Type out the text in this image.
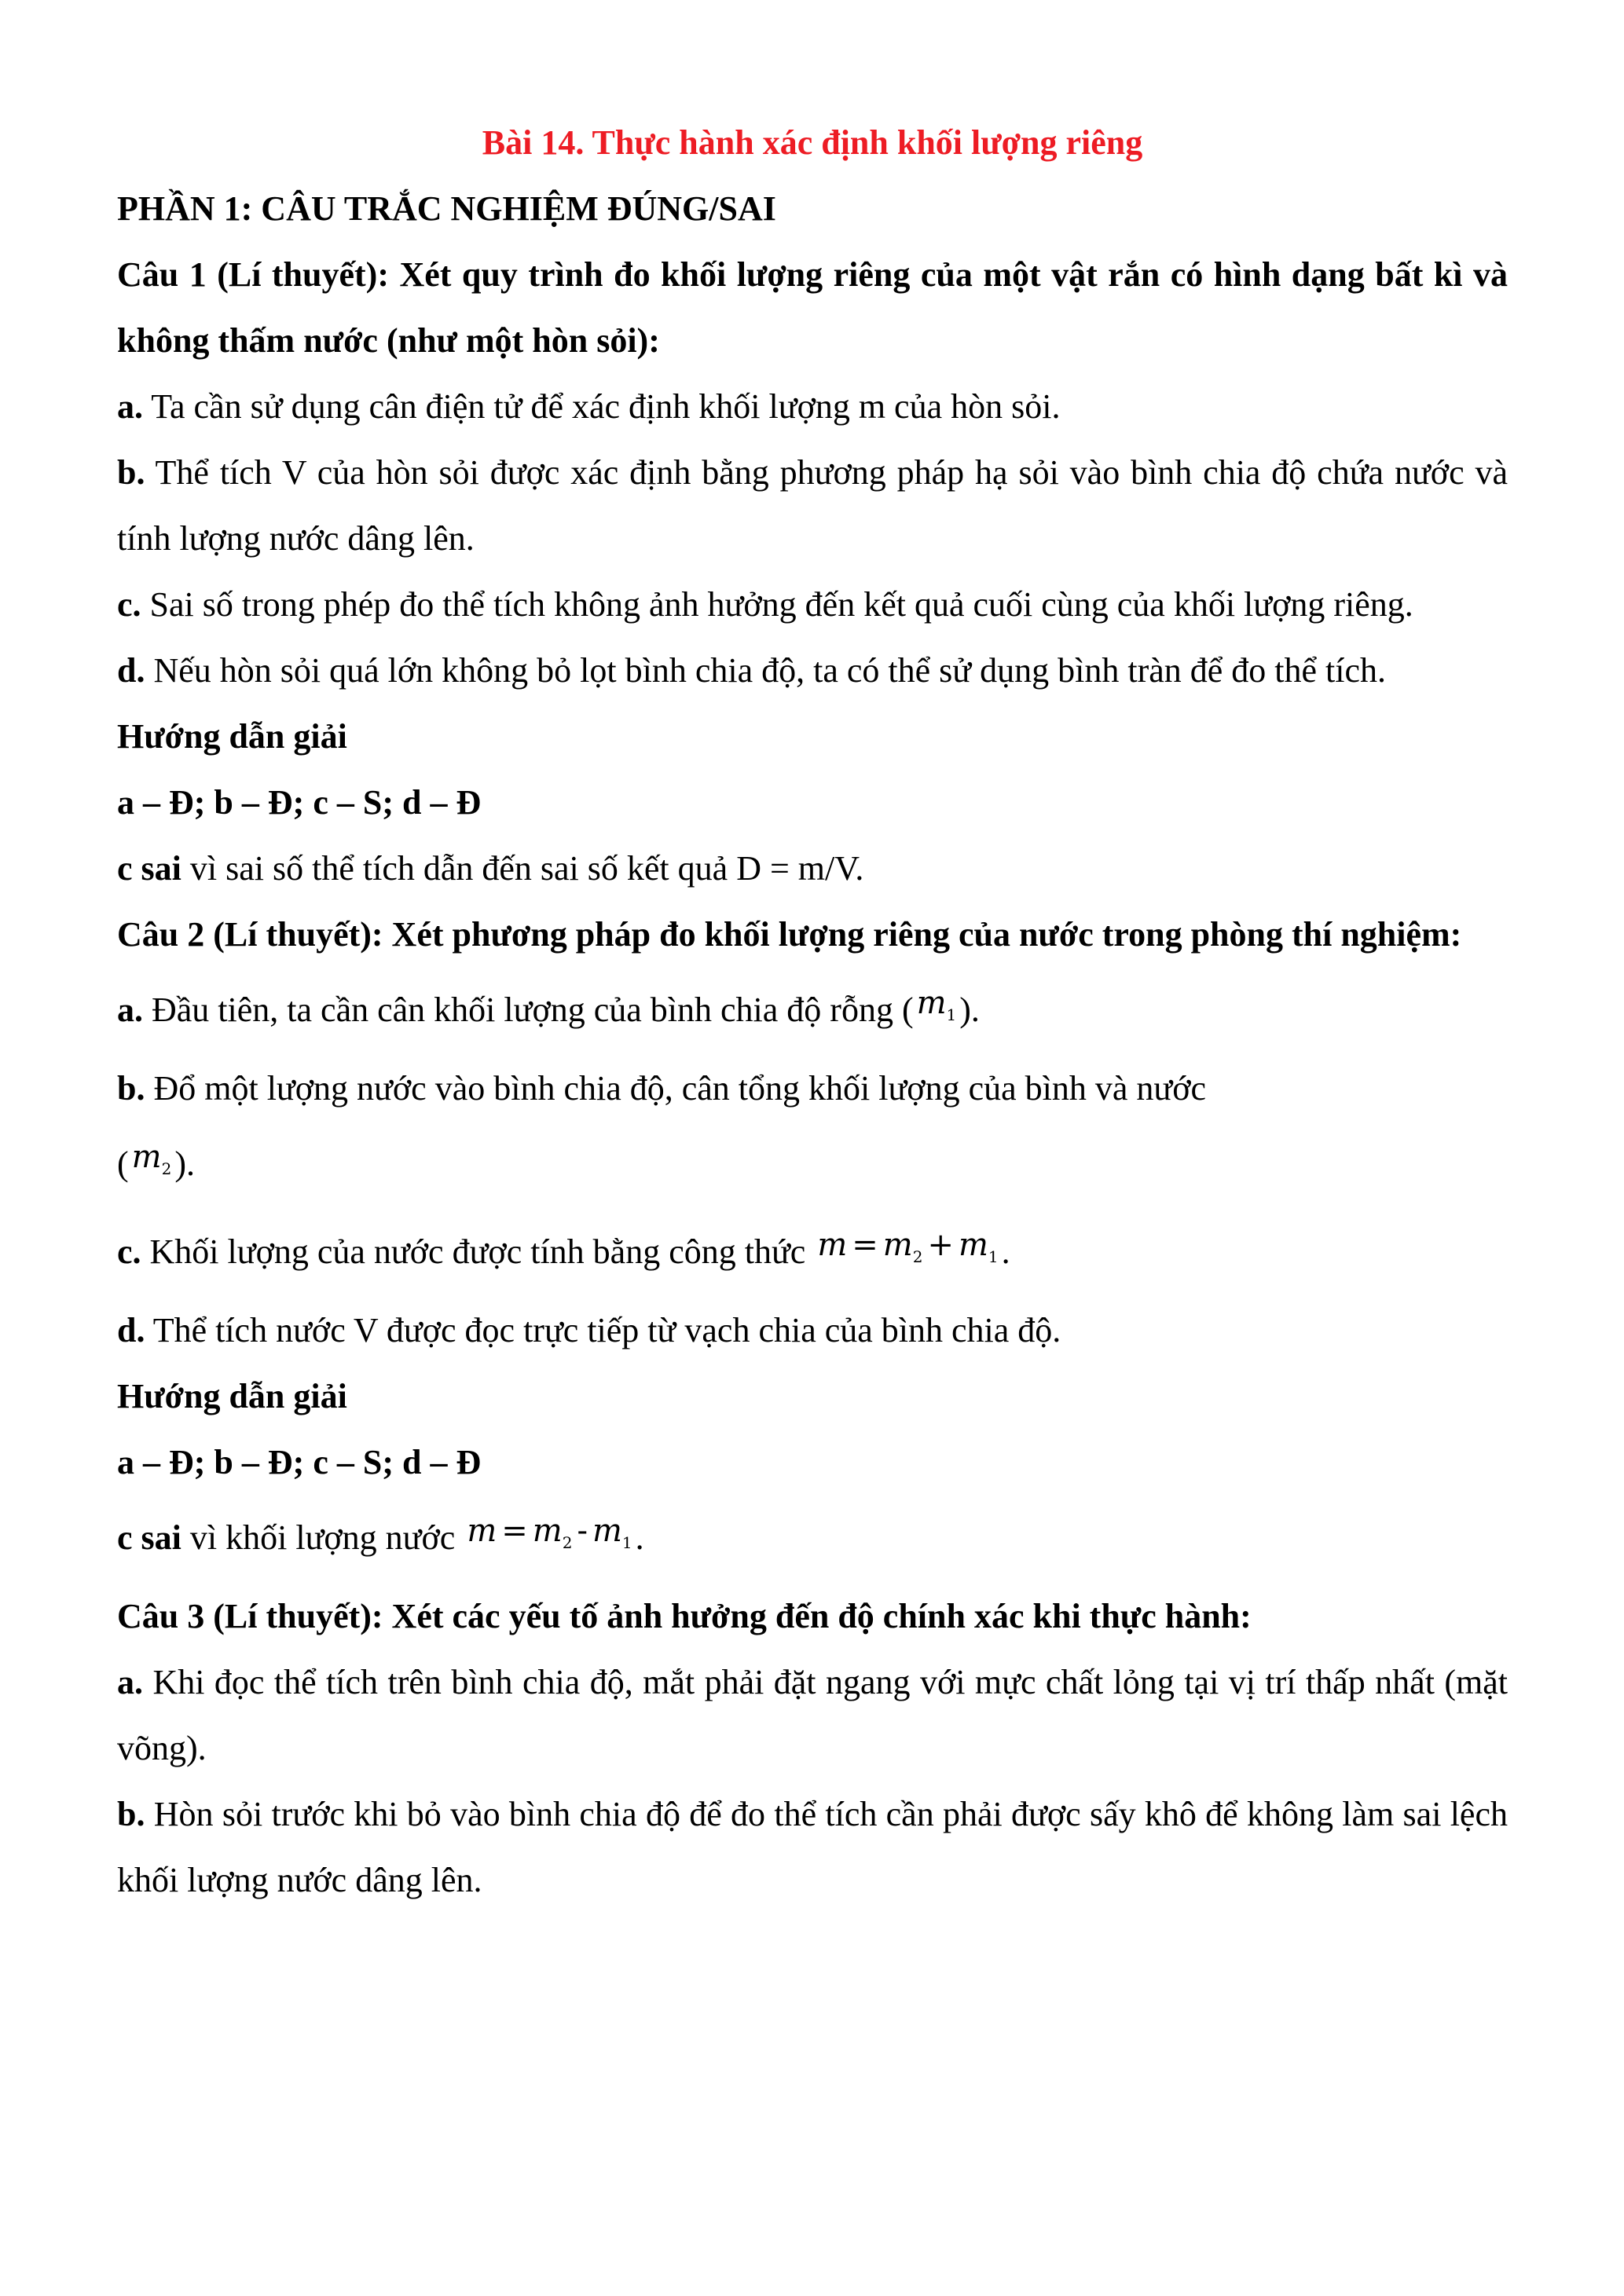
Bài 14. Thực hành xác định khối lượng riêng

PHẦN 1: CÂU TRẮC NGHIỆM ĐÚNG/SAI

Câu 1 (Lí thuyết): Xét quy trình đo khối lượng riêng của một vật rắn có hình dạng bất kì và không thấm nước (như một hòn sỏi):

a. Ta cần sử dụng cân điện tử để xác định khối lượng m của hòn sỏi.

b. Thể tích V của hòn sỏi được xác định bằng phương pháp hạ sỏi vào bình chia độ chứa nước và tính lượng nước dâng lên.

c. Sai số trong phép đo thể tích không ảnh hưởng đến kết quả cuối cùng của khối lượng riêng.

d. Nếu hòn sỏi quá lớn không bỏ lọt bình chia độ, ta có thể sử dụng bình tràn để đo thể tích.

Hướng dẫn giải

a – Đ; b – Đ; c – S; d – Đ

c sai vì sai số thể tích dẫn đến sai số kết quả D = m/V.

Câu 2 (Lí thuyết): Xét phương pháp đo khối lượng riêng của nước trong phòng thí nghiệm:

a. Đầu tiên, ta cần cân khối lượng của bình chia độ rỗng ( $m_1$).

b. Đổ một lượng nước vào bình chia độ, cân tổng khối lượng của bình và nước

( $m_2$).

c. Khối lượng của nước được tính bằng công thức $m = m_2 + m_1$.

d. Thể tích nước V được đọc trực tiếp từ vạch chia của bình chia độ.

Hướng dẫn giải

a – Đ; b – Đ; c – S; d – Đ

c sai vì khối lượng nước $m = m_2 - m_1$.

Câu 3 (Lí thuyết): Xét các yếu tố ảnh hưởng đến độ chính xác khi thực hành:

a. Khi đọc thể tích trên bình chia độ, mắt phải đặt ngang với mực chất lỏng tại vị trí thấp nhất (mặt võng).

b. Hòn sỏi trước khi bỏ vào bình chia độ để đo thể tích cần phải được sấy khô để không làm sai lệch khối lượng nước dâng lên.
